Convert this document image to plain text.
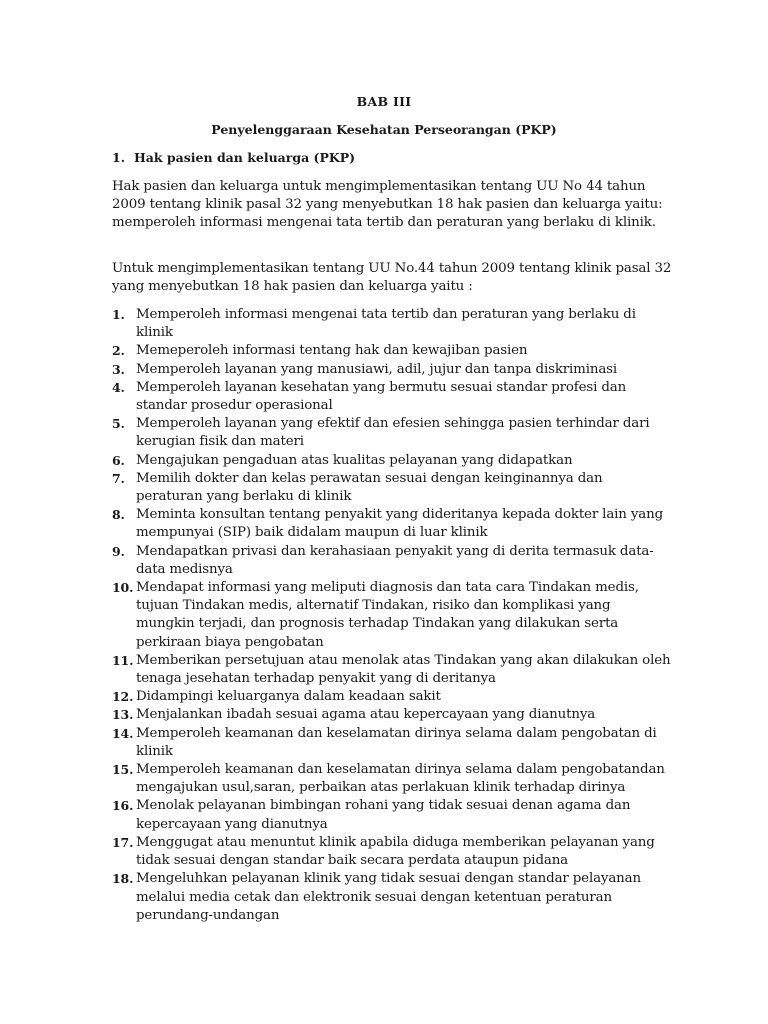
BAB III
Penyelenggaraan Kesehatan Perseorangan (PKP)
1. Hak pasien dan keluarga (PKP)
Hak pasien dan keluarga untuk mengimplementasikan tentang UU No 44 tahun 2009 tentang klinik pasal 32 yang menyebutkan 18 hak pasien dan keluarga yaitu: memperoleh informasi mengenai tata tertib dan peraturan yang berlaku di klinik.
Untuk mengimplementasikan tentang UU No.44 tahun 2009 tentang klinik pasal 32 yang menyebutkan 18 hak pasien dan keluarga yaitu :
1. Memperoleh informasi mengenai tata tertib dan peraturan yang berlaku di klinik
2. Memeperoleh informasi tentang hak dan kewajiban pasien
3. Memperoleh layanan yang manusiawi, adil, jujur dan tanpa diskriminasi
4. Memperoleh layanan kesehatan yang bermutu sesuai standar profesi dan standar prosedur operasional
5. Memperoleh layanan yang efektif dan efesien sehingga pasien terhindar dari kerugian fisik dan materi
6. Mengajukan pengaduan atas kualitas pelayanan yang didapatkan
7. Memilih dokter dan kelas perawatan sesuai dengan keinginannya dan peraturan yang berlaku di klinik
8. Meminta konsultan tentang penyakit yang dideritanya kepada dokter lain yang mempunyai (SIP) baik didalam maupun di luar klinik
9. Mendapatkan privasi dan kerahasiaan penyakit yang di derita termasuk data-data medisnya
10. Mendapat informasi yang meliputi diagnosis dan tata cara Tindakan medis, tujuan Tindakan medis, alternatif Tindakan, risiko dan komplikasi yang mungkin terjadi, dan prognosis terhadap Tindakan yang dilakukan serta perkiraan biaya pengobatan
11. Memberikan persetujuan atau menolak atas Tindakan yang akan dilakukan oleh tenaga jesehatan terhadap penyakit yang di deritanya
12. Didampingi keluarganya dalam keadaan sakit
13. Menjalankan ibadah sesuai agama atau kepercayaan yang dianutnya
14. Memperoleh keamanan dan keselamatan dirinya selama dalam pengobatan di klinik
15. Memperoleh keamanan dan keselamatan dirinya selama dalam pengobatandan mengajukan usul,saran, perbaikan atas perlakuan klinik terhadap dirinya
16. Menolak pelayanan bimbingan rohani yang tidak sesuai denan agama dan kepercayaan yang dianutnya
17. Menggugat atau menuntut klinik apabila diduga memberikan pelayanan yang tidak sesuai dengan standar baik secara perdata ataupun pidana
18. Mengeluhkan pelayanan klinik yang tidak sesuai dengan standar pelayanan melalui media cetak dan elektronik sesuai dengan ketentuan peraturan perundang-undangan
